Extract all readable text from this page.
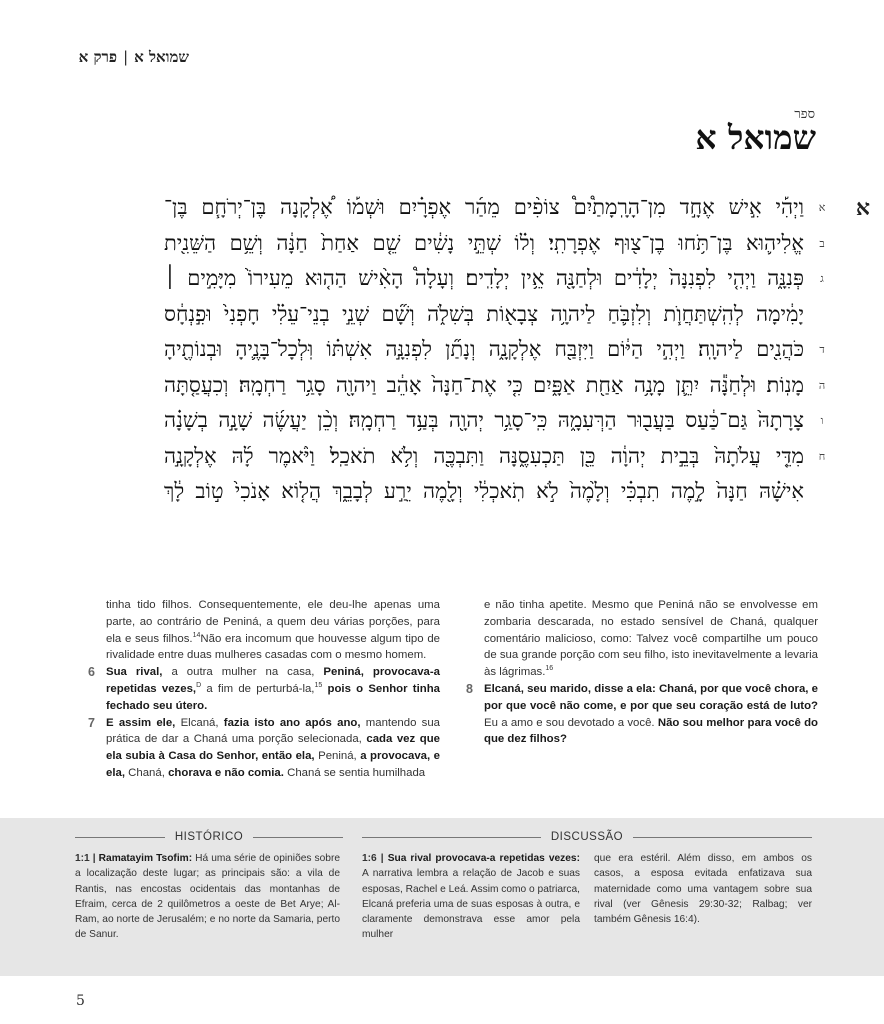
שמואל א|פרק א
ספר
שמואל א
א
א
ב
ג
ד
ה
ו
ח
וַיְהִ֡י אִ֣ישׁ אֶחָ֣ד מִן־הָרָֽמָתַ֩יִם֩ צוֹפִ֨ים מֵהַ֜ר אֶפְרָ֗יִם וּשְׁמ֡וֹ אֶ֠לְקָנָה בֶּן־יְרֹחָ֧ם בֶּן־
אֱלִיה֛וּא בֶּן־תֹּ֥חוּ בֶן־צ֖וּף אֶפְרָתִֽי׃ וְל֗וֹ שְׁתֵּ֣י נָשִׁ֔ים שֵׁ֤ם אַחַת֙ חַנָּ֔ה וְשֵׁ֥ם הַשֵּׁנִ֖ית
פְּנִנָּ֑ה וַיְהִ֤י לִפְנִנָּה֙ יְלָדִ֔ים וּלְחַנָּ֖ה אֵ֥ין יְלָדִֽים׃ וְעָלָה֩ הָאִ֨ישׁ הַה֤וּא מֵעִירוֹ֙ מִיָּמִ֣ים ׀
יָמִ֔ימָה לְהִֽשְׁתַּחֲוֺ֧ת וְלִזְבֹּ֛חַ לַיהוָ֥ה צְבָא֖וֹת בְּשִׁלֹ֑ה וְשָׁ֞ם שְׁנֵ֣י בְנֵי־עֵלִ֗י חָפְנִי֙ וּפִ֣נְחָ֔ס
כֹּהֲנִ֖ים לַיהוָֽה׃ וַיְהִ֣י הַיּ֔וֹם וַיִּזְבַּ֖ח אֶלְקָנָ֑ה וְנָתַ֞ן לִפְנִנָּ֣ה אִשְׁתּ֗וֹ וּֽלְכָל־בָּנֶ֛יהָ וּבְנוֹתֶ֖יהָ
מָנֽוֹת׃ וּלְחַנָּ֕ה יִתֵּ֛ן מָנָ֥ה אַחַ֖ת אַפָּ֑יִם כִּ֤י אֶת־חַנָּה֙ אָהֵ֔ב וַיהוָ֖ה סָגַ֥ר רַחְמָֽהּ׃ וְכִעֲסַ֤תָּה
צָרָתָהּ֙ גַּם־כַּ֔עַס בַּעֲב֖וּר הַרְּעִמָ֑הּ כִּֽי־סָגַ֥ר יְהוָ֖ה בְּעַ֥ד רַחְמָֽהּ׃ וְכֵ֨ן יַעֲשֶׂ֜ה שָׁנָ֣ה בְשָׁנָ֗ה
מִדֵּ֤י עֲלֹתָהּ֙ בְּבֵ֣ית יְהוָ֔ה כֵּ֖ן תַּכְעִסֶ֑נָּה וַתִּבְכֶּ֖ה וְלֹ֥א תֹאכַֽל׃ וַיֹּ֨אמֶר לָ֜הּ אֶלְקָנָ֣ה
אִישָׁ֗הּ חַנָּה֙ לָ֣מֶה תִבְכִּ֗י וְלָ֙מֶה֙ לֹ֣א תֹֽאכְלִ֔י וְלָ֖מֶה יֵרַ֣ע לְבָבֵ֑ךְ הֲל֤וֹא אָנֹכִי֙ ט֣וֹב לָ֔ךְ
tinha tido filhos. Consequentemente, ele deu-lhe apenas uma parte, ao contrário de Peniná, a quem deu várias porções, para ela e seus filhos.$^{14}$Não era incomum que houvesse algum tipo de rivalidade entre duas mulheres casadas com o mesmo homem.
6 Sua rival, a outra mulher na casa, Peniná, provocava-a repetidas vezes,$^D$ a fim de perturbá-la,$^{15}$ pois o Senhor tinha fechado seu útero.
7 E assim ele, Elcaná, fazia isto ano após ano, mantendo sua prática de dar a Chaná uma porção selecionada, cada vez que ela subia à Casa do Senhor, então ela, Peniná, a provocava, e ela, Chaná, chorava e não comia. Chaná se sentia humilhada
e não tinha apetite. Mesmo que Peniná não se envolvesse em zombaria descarada, no estado sensível de Chaná, qualquer comentário malicioso, como: Talvez você compartilhe um pouco de sua grande porção com seu filho, isto inevitavelmente a levaria às lágrimas.$^{16}$
8 Elcaná, seu marido, disse a ela: Chaná, por que você chora, e por que você não come, e por que seu coração está de luto? Eu a amo e sou devotado a você. Não sou melhor para você do que dez filhos?
HISTÓRICO	DISCUSSÃO
1:1 | Ramatayim Tsofim: Há uma série de opiniões sobre a localização deste lugar; as principais são: a vila de Rantis, nas encostas ocidentais das montanhas de Efraim, cerca de 2 quilômetros a oeste de Bet Arye; Al-Ram, ao norte de Jerusalém; e no norte da Samaria, perto de Sanur.
1:6 | Sua rival provocava-a repetidas vezes: A narrativa lembra a relação de Jacob e suas esposas, Rachel e Leá. Assim como o patriarca, Elcaná preferia uma de suas esposas à outra, e claramente demonstrava esse amor pela mulher
que era estéril. Além disso, em ambos os casos, a esposa evitada enfatizava sua maternidade como uma vantagem sobre sua rival (ver Gênesis 29:30-32; Ralbag; ver também Gênesis 16:4).
5
